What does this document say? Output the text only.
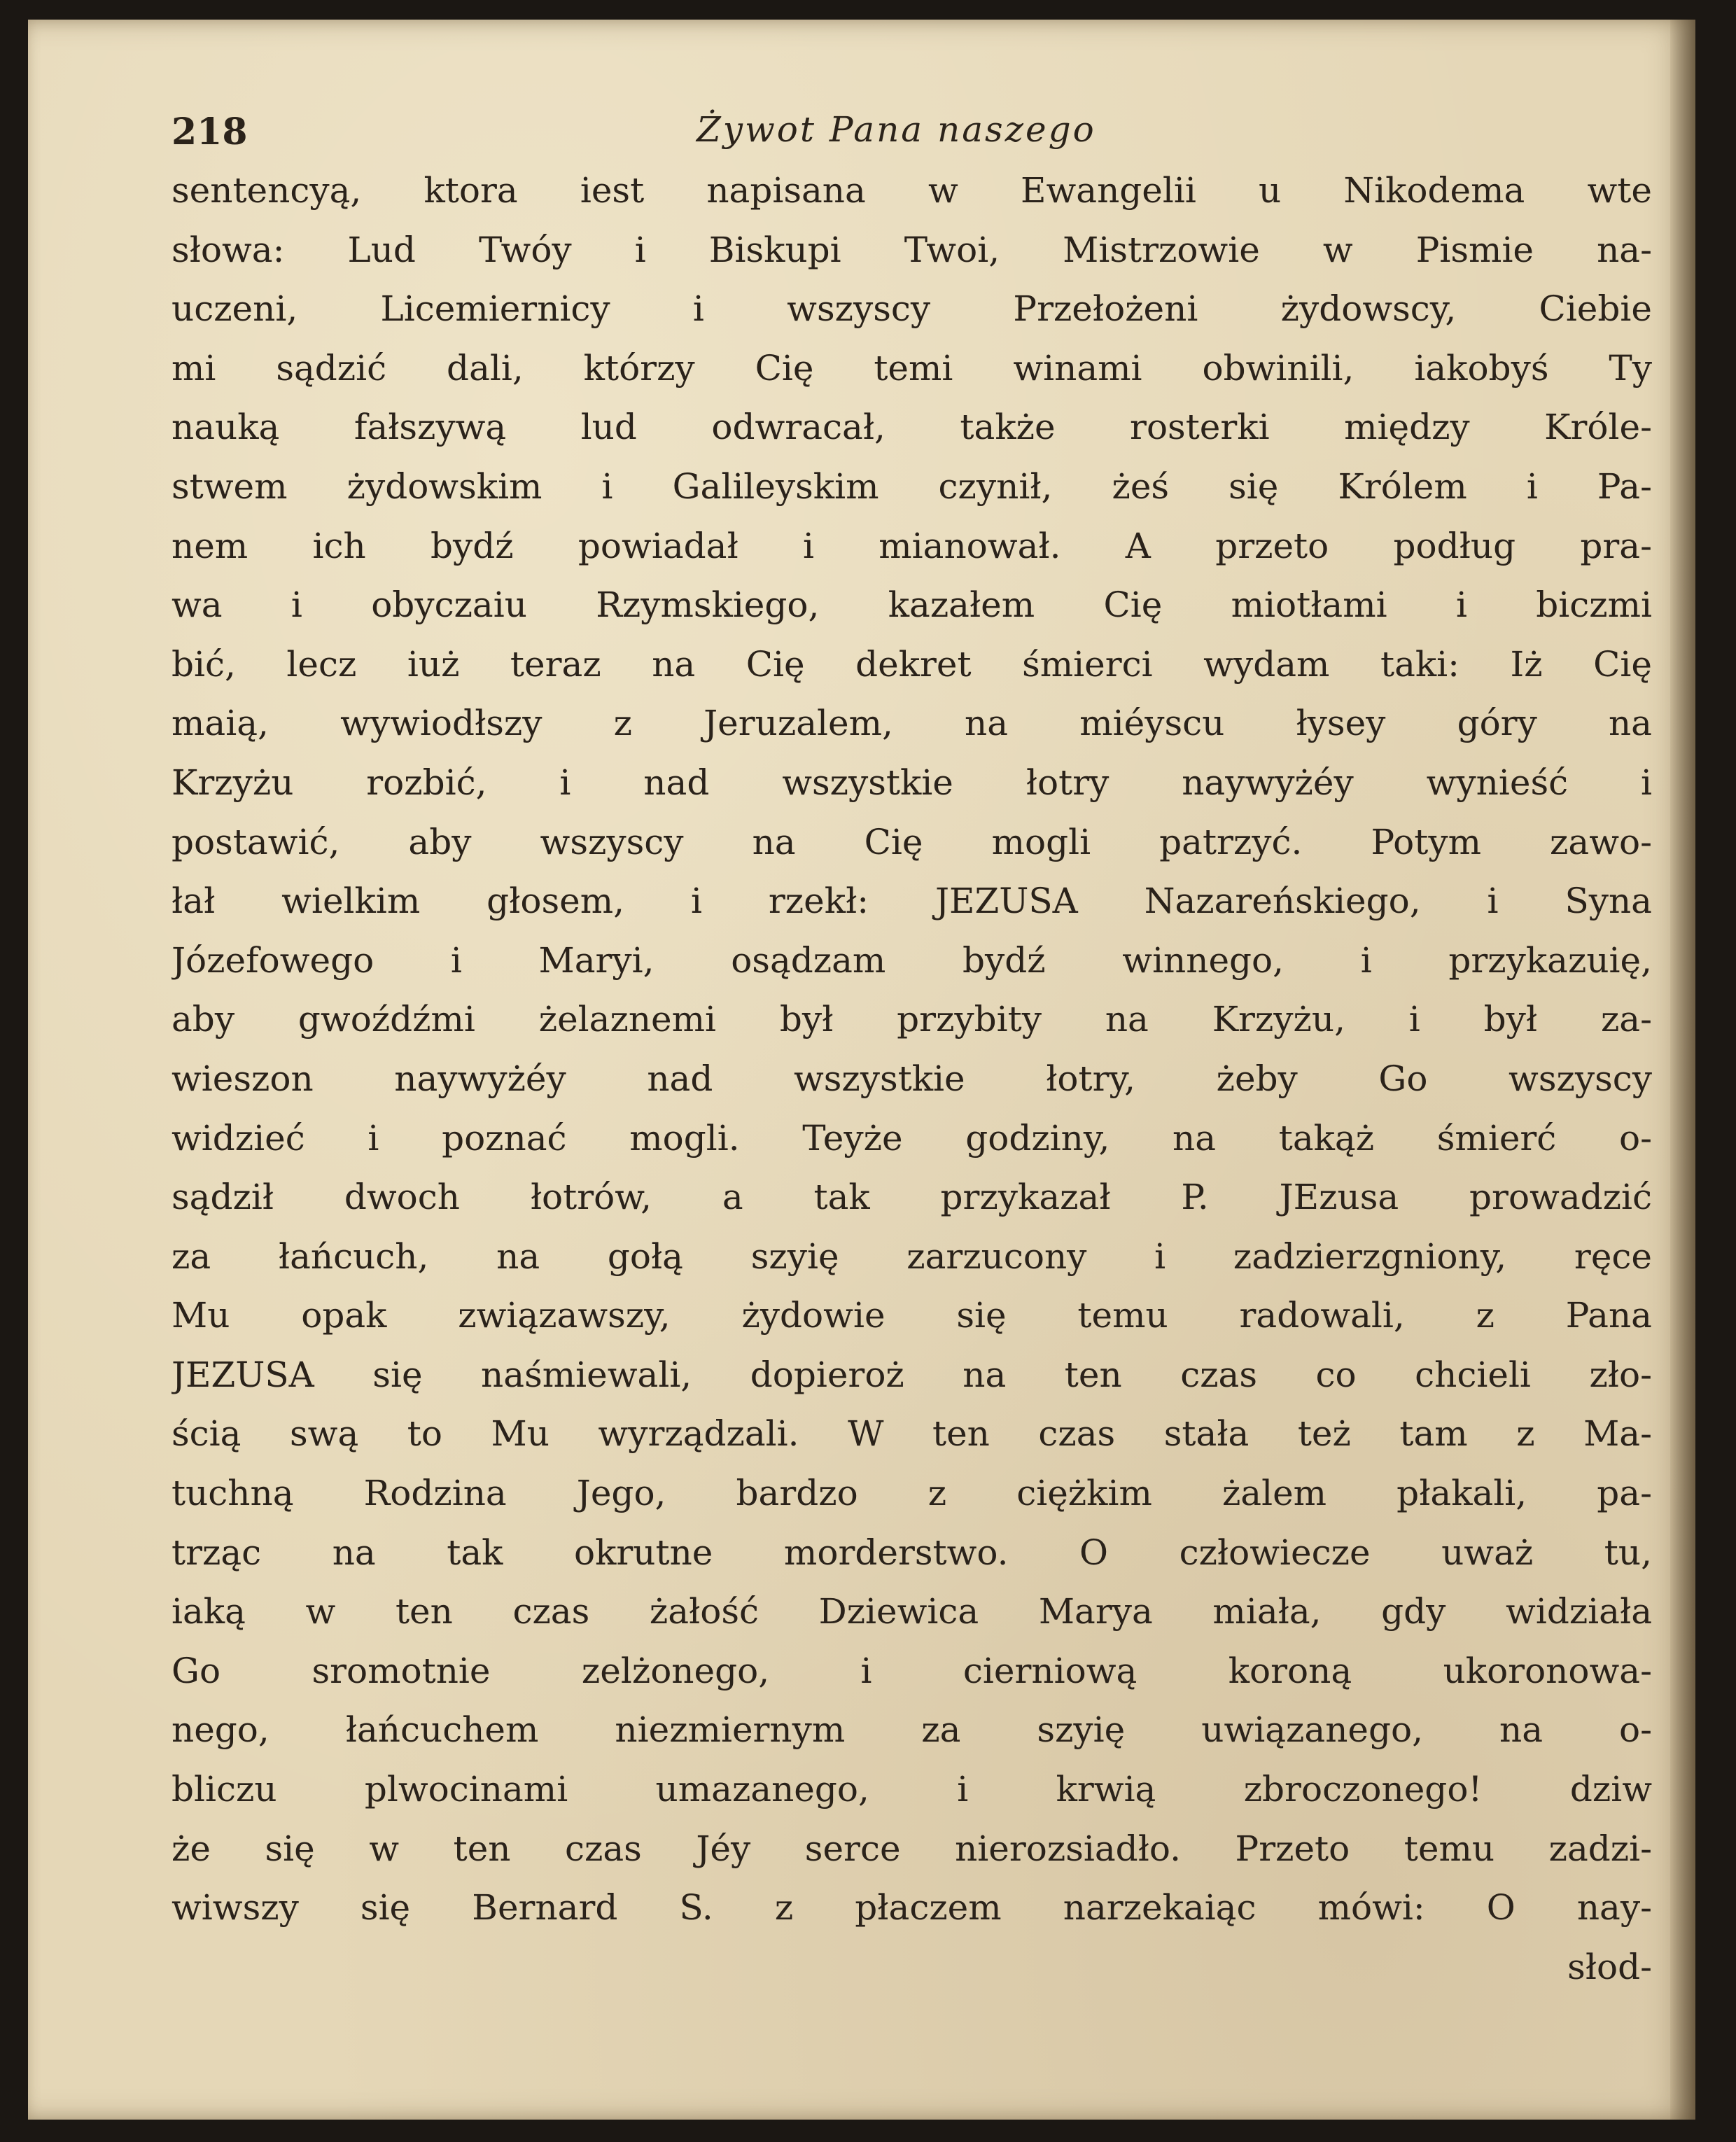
218	Żywot Pana naszego
sentencyą, ktora iest napisana w Ewangelii u Nikodema wte
słowa: Lud Twóy i Biskupi Twoi, Mistrzowie w Pismie na-
uczeni, Licemiernicy i wszyscy Przełożeni żydowscy, Ciebie
mi sądzić dali, którzy Cię temi winami obwinili, iakobyś Ty
nauką fałszywą lud odwracał, także rosterki między Króle-
stwem żydowskim i Galileyskim czynił, żeś się Królem i Pa-
nem ich bydź powiadał i mianował. A przeto podług pra-
wa i obyczaiu Rzymskiego, kazałem Cię miotłami i biczmi
bić, lecz iuż teraz na Cię dekret śmierci wydam taki: Iż Cię
maią, wywiodłszy z Jeruzalem, na miéyscu łysey góry na
Krzyżu rozbić, i nad wszystkie łotry naywyżéy wynieść i
postawić, aby wszyscy na Cię mogli patrzyć. Potym zawo-
łał wielkim głosem, i rzekł: JEZUSA Nazareńskiego, i Syna
Józefowego i Maryi, osądzam bydź winnego, i przykazuię,
aby gwoźdźmi żelaznemi był przybity na Krzyżu, i był za-
wieszon naywyżéy nad wszystkie łotry, żeby Go wszyscy
widzieć i poznać mogli. Teyże godziny, na takąż śmierć o-
sądził dwoch łotrów, a tak przykazał P. JEzusa prowadzić
za łańcuch, na gołą szyię zarzucony i zadzierzgniony, ręce
Mu opak związawszy, żydowie się temu radowali, z Pana
JEZUSA się naśmiewali, dopieroż na ten czas co chcieli zło-
ścią swą to Mu wyrządzali. W ten czas stała też tam z Ma-
tuchną Rodzina Jego, bardzo z ciężkim żalem płakali, pa-
trząc na tak okrutne morderstwo. O człowiecze uważ tu,
iaką w ten czas żałość Dziewica Marya miała, gdy widziała
Go sromotnie zelżonego, i cierniową koroną ukoronowa-
nego, łańcuchem niezmiernym za szyię uwiązanego, na o-
bliczu plwocinami umazanego, i krwią zbroczonego! dziw
że się w ten czas Jéy serce nierozsiadło. Przeto temu zadzi-
wiwszy się Bernard S. z płaczem narzekaiąc mówi: O nay-
słod-
